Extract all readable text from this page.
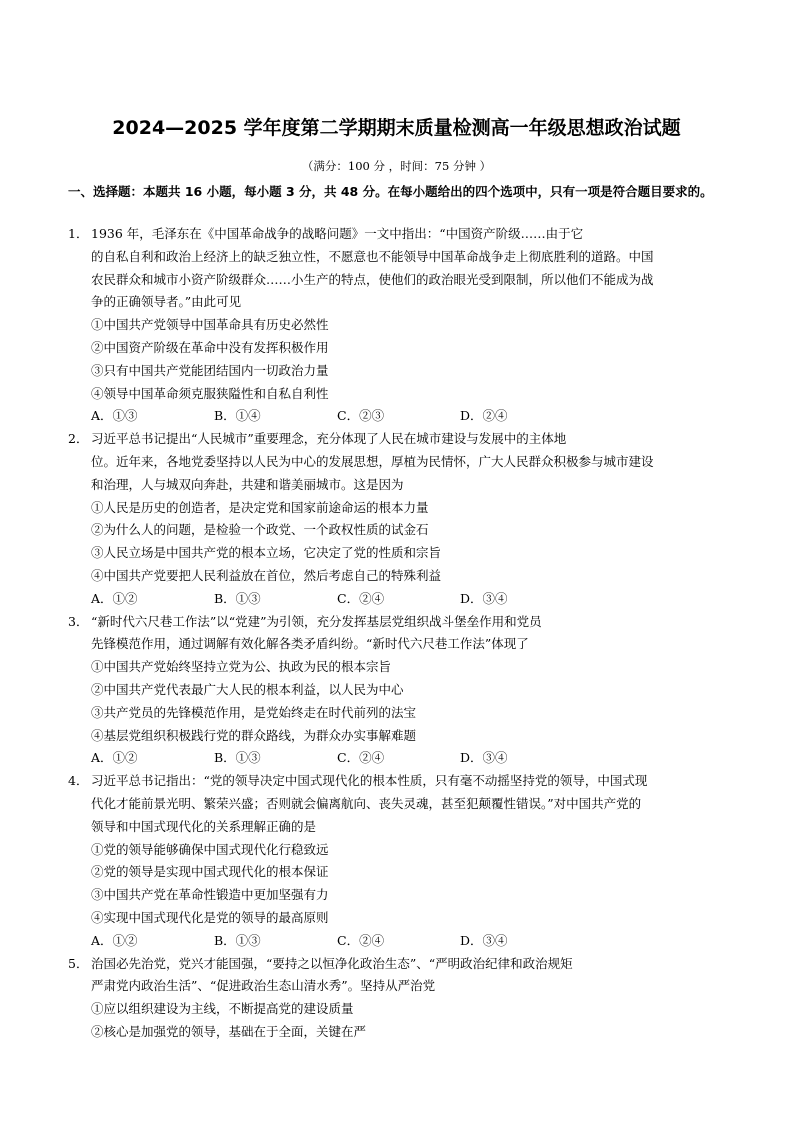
2024—2025 学年度第二学期期末质量检测高一年级思想政治试题
（满分：100 分 ，时间：75 分钟 ）
一、选择题：本题共 16 小题，每小题 3 分，共 48 分。在每小题给出的四个选项中，只有一项是符合题目要求的。
1． 1936 年，毛泽东在《中国革命战争的战略问题》一文中指出：“中国资产阶级……由于它
的自私自利和政治上经济上的缺乏独立性，不愿意也不能领导中国革命战争走上彻底胜利的道路。中国
农民群众和城市小资产阶级群众……小生产的特点，使他们的政治眼光受到限制，所以他们不能成为战
争的正确领导者。”由此可见
①中国共产党领导中国革命具有历史必然性
②中国资产阶级在革命中没有发挥积极作用
③只有中国共产党能团结国内一切政治力量
④领导中国革命须克服狭隘性和自私自利性
A．①③	B．①④	C．②③	D．②④
2． 习近平总书记提出“人民城市”重要理念，充分体现了人民在城市建设与发展中的主体地
位。近年来，各地党委坚持以人民为中心的发展思想，厚植为民情怀，广大人民群众积极参与城市建设
和治理，人与城双向奔赴，共建和谐美丽城市。这是因为
①人民是历史的创造者，是决定党和国家前途命运的根本力量
②为什么人的问题，是检验一个政党、一个政权性质的试金石
③人民立场是中国共产党的根本立场，它决定了党的性质和宗旨
④中国共产党要把人民利益放在首位，然后考虑自己的特殊利益
A．①②	B．①③	C．②④	D．③④
3． “新时代六尺巷工作法”以“党建”为引领，充分发挥基层党组织战斗堡垒作用和党员
先锋模范作用，通过调解有效化解各类矛盾纠纷。“新时代六尺巷工作法”体现了
①中国共产党始终坚持立党为公、执政为民的根本宗旨
②中国共产党代表最广大人民的根本利益，以人民为中心
③共产党员的先锋模范作用，是党始终走在时代前列的法宝
④基层党组织积极践行党的群众路线，为群众办实事解难题
A．①②	B．①③	C．②④	D．③④
4． 习近平总书记指出：“党的领导决定中国式现代化的根本性质，只有毫不动摇坚持党的领导，中国式现
代化才能前景光明、繁荣兴盛；否则就会偏离航向、丧失灵魂，甚至犯颠覆性错误。”对中国共产党的
领导和中国式现代化的关系理解正确的是
①党的领导能够确保中国式现代化行稳致远
②党的领导是实现中国式现代化的根本保证
③中国共产党在革命性锻造中更加坚强有力
④实现中国式现代化是党的领导的最高原则
A．①②	B．①③	C．②④	D．③④
5． 治国必先治党，党兴才能国强，“要持之以恒净化政治生态”、“严明政治纪律和政治规矩
严肃党内政治生活”、“促进政治生态山清水秀”。坚持从严治党
①应以组织建设为主线，不断提高党的建设质量
②核心是加强党的领导，基础在于全面，关键在严
